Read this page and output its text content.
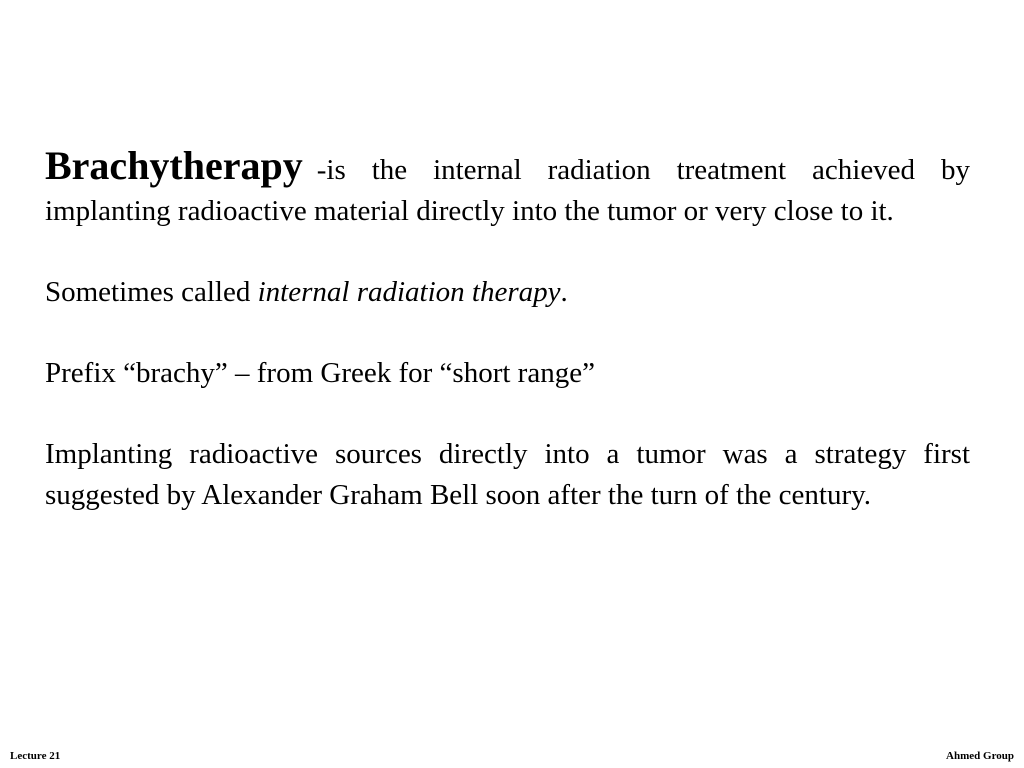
Brachytherapy -is the internal radiation treatment achieved by implanting radioactive material directly into the tumor or very close to it.

Sometimes called internal radiation therapy.

Prefix “brachy” – from Greek for “short range”

Implanting radioactive sources directly into a tumor was a strategy first suggested by Alexander Graham Bell soon after the turn of the century.

Lecture 21	Ahmed Group
